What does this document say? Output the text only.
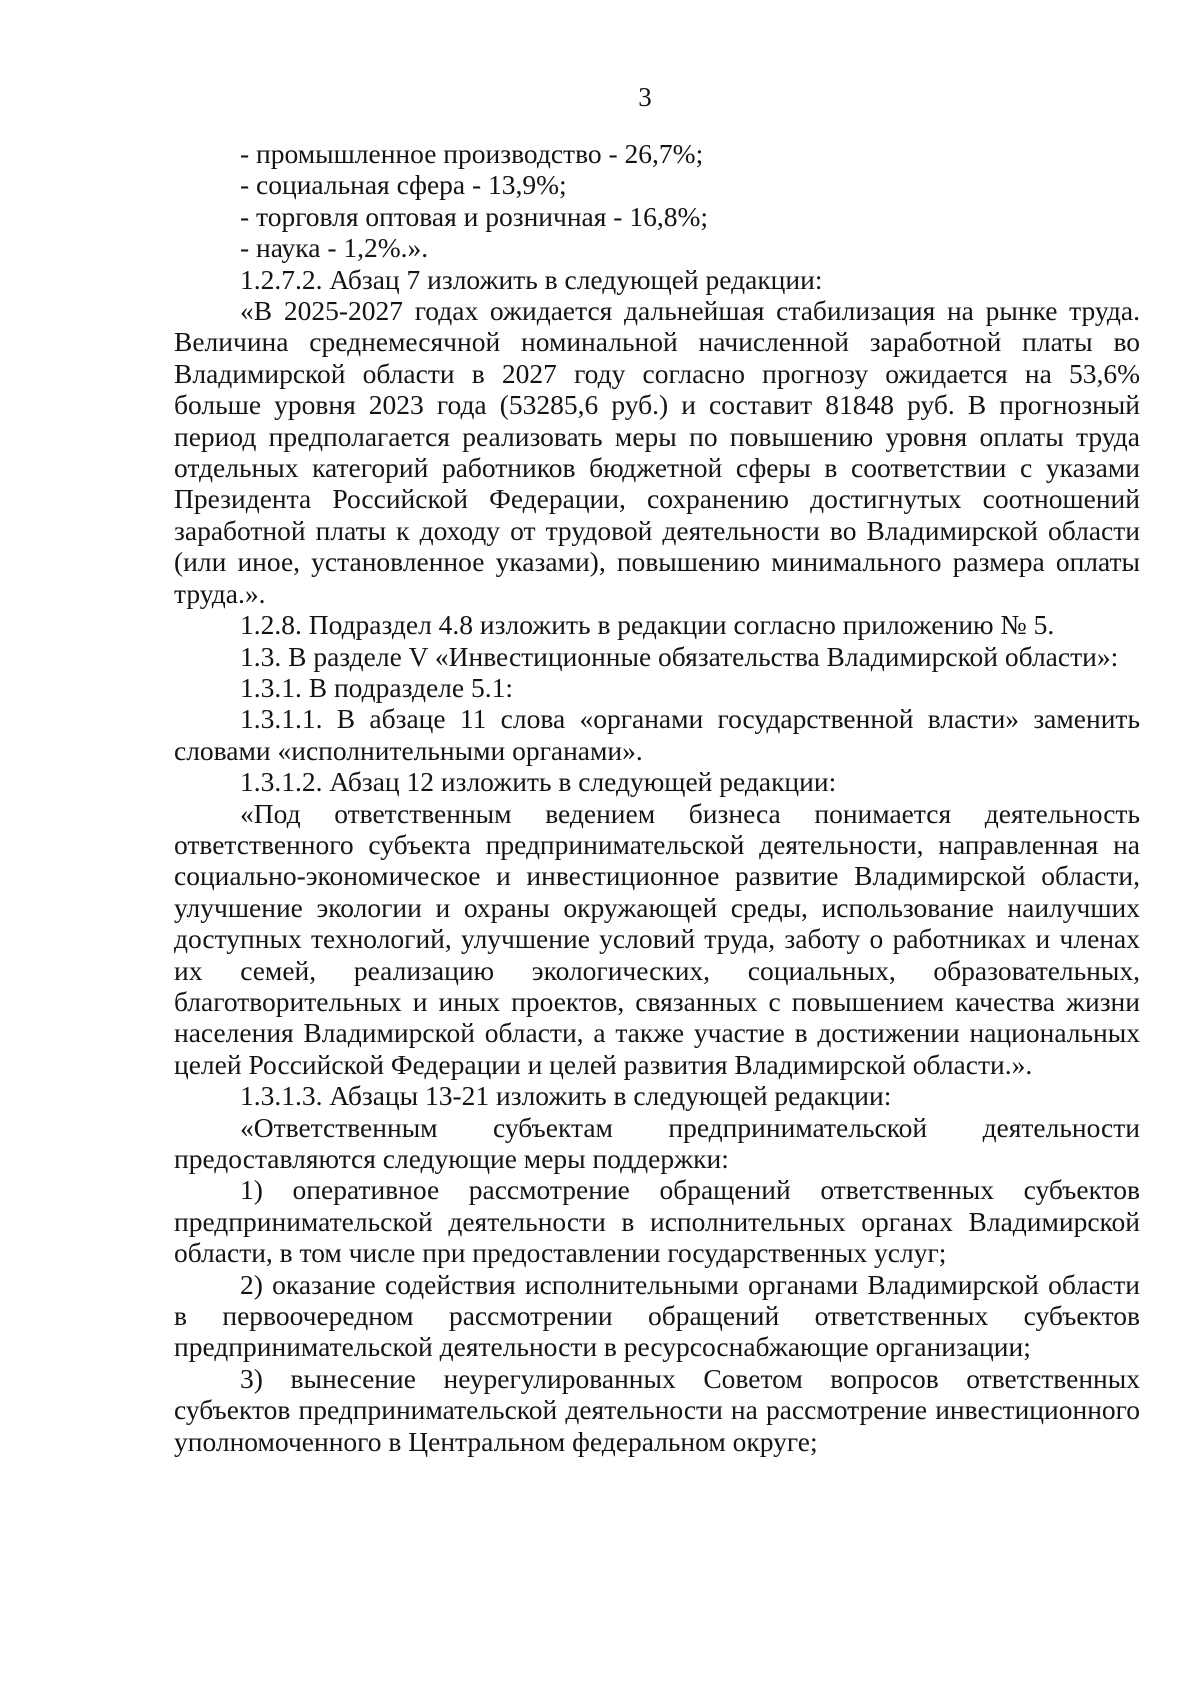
3

- промышленное производство - 26,7%;

- социальная сфера - 13,9%;

- торговля оптовая и розничная - 16,8%;

- наука - 1,2%.».

1.2.7.2. Абзац 7 изложить в следующей редакции:

«В 2025-2027 годах ожидается дальнейшая стабилизация на рынке труда. Величина среднемесячной номинальной начисленной заработной платы во Владимирской области в 2027 году согласно прогнозу ожидается на 53,6% больше уровня 2023 года (53285,6 руб.) и составит 81848 руб. В прогнозный период предполагается реализовать меры по повышению уровня оплаты труда отдельных категорий работников бюджетной сферы в соответствии с указами Президента Российской Федерации, сохранению достигнутых соотношений заработной платы к доходу от трудовой деятельности во Владимирской области (или иное, установленное указами), повышению минимального размера оплаты труда.».

1.2.8. Подраздел 4.8 изложить в редакции согласно приложению № 5.

1.3. В разделе V «Инвестиционные обязательства Владимирской области»:

1.3.1. В подразделе 5.1:

1.3.1.1. В абзаце 11 слова «органами государственной власти» заменить словами «исполнительными органами».

1.3.1.2. Абзац 12 изложить в следующей редакции:

«Под ответственным ведением бизнеса понимается деятельность ответственного субъекта предпринимательской деятельности, направленная на социально-экономическое и инвестиционное развитие Владимирской области, улучшение экологии и охраны окружающей среды, использование наилучших доступных технологий, улучшение условий труда, заботу о работниках и членах их семей, реализацию экологических, социальных, образовательных, благотворительных и иных проектов, связанных с повышением качества жизни населения Владимирской области, а также участие в достижении национальных целей Российской Федерации и целей развития Владимирской области.».

1.3.1.3. Абзацы 13-21 изложить в следующей редакции:

«Ответственным субъектам предпринимательской деятельности предоставляются следующие меры поддержки:

1) оперативное рассмотрение обращений ответственных субъектов предпринимательской деятельности в исполнительных органах Владимирской области, в том числе при предоставлении государственных услуг;

2) оказание содействия исполнительными органами Владимирской области в первоочередном рассмотрении обращений ответственных субъектов предпринимательской деятельности в ресурсоснабжающие организации;

3) вынесение неурегулированных Советом вопросов ответственных субъектов предпринимательской деятельности на рассмотрение инвестиционного уполномоченного в Центральном федеральном округе;
